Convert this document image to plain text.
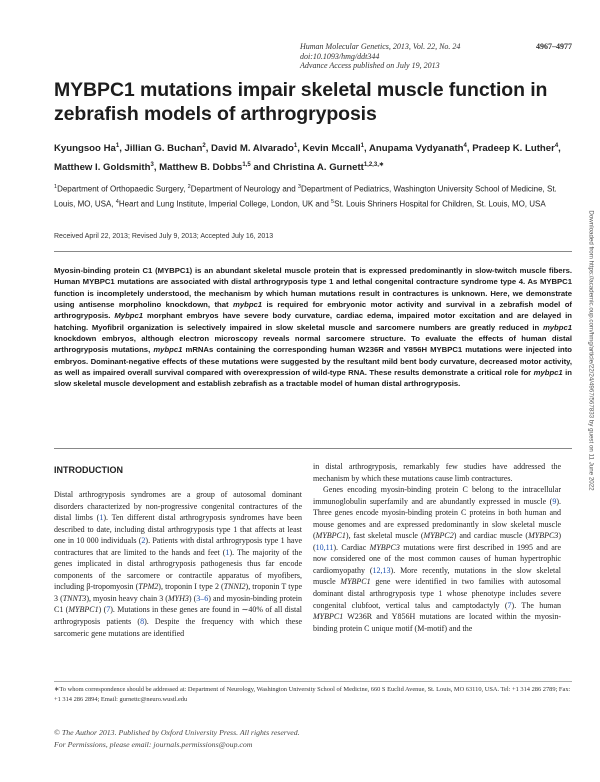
Human Molecular Genetics, 2013, Vol. 22, No. 24	4967–4977
doi:10.1093/hmg/ddt344
Advance Access published on July 19, 2013
MYBPC1 mutations impair skeletal muscle function in zebrafish models of arthrogryposis
Kyungsoo Ha$^1$, Jillian G. Buchan$^2$, David M. Alvarado$^1$, Kevin Mccall$^1$, Anupama Vydyanath$^4$, Pradeep K. Luther$^4$, Matthew I. Goldsmith$^3$, Matthew B. Dobbs$^{1,5}$ and Christina A. Gurnett$^{1,2,3,∗}$
$^1$Department of Orthopaedic Surgery, $^2$Department of Neurology and $^3$Department of Pediatrics, Washington University School of Medicine, St. Louis, MO, USA, $^4$Heart and Lung Institute, Imperial College, London, UK and $^5$St. Louis Shriners Hospital for Children, St. Louis, MO, USA
Received April 22, 2013; Revised July 9, 2013; Accepted July 16, 2013
Myosin-binding protein C1 (MYBPC1) is an abundant skeletal muscle protein that is expressed predominantly in slow-twitch muscle fibers. Human MYBPC1 mutations are associated with distal arthrogryposis type 1 and lethal congenital contracture syndrome type 4. As MYBPC1 function is incompletely understood, the mechanism by which human mutations result in contractures is unknown. Here, we demonstrate using antisense morpholino knockdown, that mybpc1 is required for embryonic motor activity and survival in a zebrafish model of arthrogryposis. Mybpc1 morphant embryos have severe body curvature, cardiac edema, impaired motor excitation and are delayed in hatching. Myofibril organization is selectively impaired in slow skeletal muscle and sarcomere numbers are greatly reduced in mybpc1 knockdown embryos, although electron microscopy reveals normal sarcomere structure. To evaluate the effects of human distal arthrogryposis mutations, mybpc1 mRNAs containing the corresponding human W236R and Y856H MYBPC1 mutations were injected into embryos. Dominant-negative effects of these mutations were suggested by the resultant mild bent body curvature, decreased motor activity, as well as impaired overall survival compared with overexpression of wild-type RNA. These results demonstrate a critical role for mybpc1 in slow skeletal muscle development and establish zebrafish as a tractable model of human distal arthrogryposis.
INTRODUCTION

Distal arthrogryposis syndromes are a group of autosomal dominant disorders characterized by non-progressive congenital contractures of the distal limbs (1). Ten different distal arthrogryposis syndromes have been described to date, including distal arthrogryposis type 1 that affects at least one in 10 000 individuals (2). Patients with distal arthrogryposis type 1 have contractures that are limited to the hands and feet (1). The majority of the genes implicated in distal arthrogryposis pathogenesis thus far encode components of the sarcomere or contractile apparatus of myofibers, including β-tropomyosin (TPM2), troponin I type 2 (TNNI2), troponin T type 3 (TNNT3), myosin heavy chain 3 (MYH3) (3–6) and myosin-binding protein C1 (MYBPC1) (7). Mutations in these genes are found in ∼40% of all distal arthrogryposis patients (8). Despite the frequency with which these sarcomeric gene mutations are identified

in distal arthrogryposis, remarkably few studies have addressed the mechanism by which these mutations cause limb contractures.

Genes encoding myosin-binding protein C belong to the intracellular immunoglobulin superfamily and are abundantly expressed in muscle (9). Three genes encode myosin-binding protein C proteins in both human and mouse genomes and are expressed predominantly in slow skeletal muscle (MYBPC1), fast skeletal muscle (MYBPC2) and cardiac muscle (MYBPC3) (10,11). Cardiac MYBPC3 mutations were first described in 1995 and are now considered one of the most common causes of human hypertrophic cardiomyopathy (12,13). More recently, mutations in the slow skeletal muscle MYBPC1 gene were identified in two families with autosomal dominant distal arthrogryposis type 1 whose phenotype includes severe congenital clubfoot, vertical talus and camptodactyly (7). The human MYBPC1 W236R and Y856H mutations are located within the myosin-binding protein C unique motif (M-motif) and the

∗To whom correspondence should be addressed at: Department of Neurology, Washington University School of Medicine, 660 S Euclid Avenue, St. Louis, MO 63110, USA. Tel: +1 314 286 2789; Fax: +1 314 286 2894; Email: gurnettc@neuro.wustl.edu
© The Author 2013. Published by Oxford University Press. All rights reserved.
For Permissions, please email: journals.permissions@oup.com
Downloaded from https://academic.oup.com/hmg/article/22/24/4967/567833 by guest on 11 June 2022
